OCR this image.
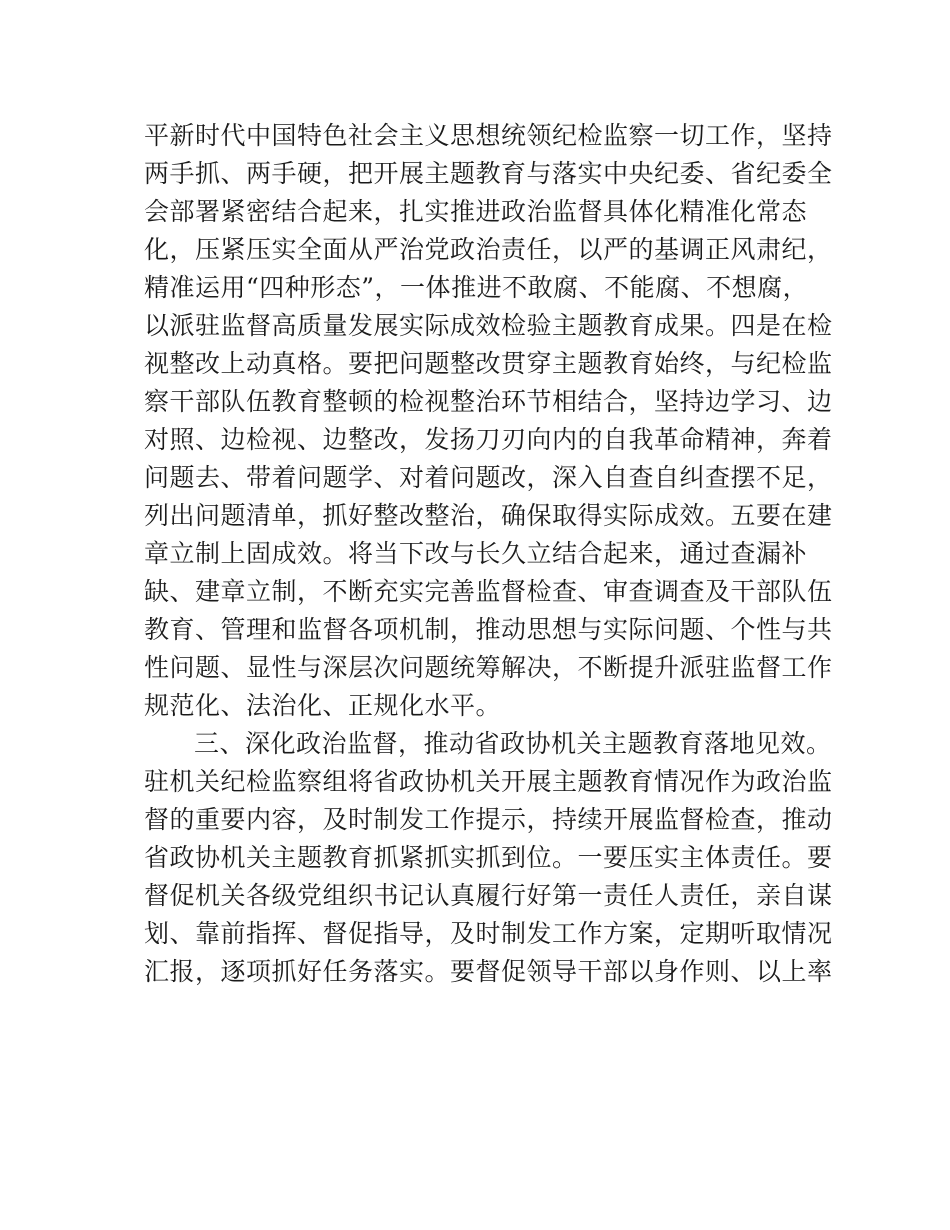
平新时代中国特色社会主义思想统领纪检监察一切工作，坚持
两手抓、两手硬，把开展主题教育与落实中央纪委、省纪委全
会部署紧密结合起来，扎实推进政治监督具体化精准化常态
化，压紧压实全面从严治党政治责任，以严的基调正风肃纪，
精准运用“四种形态”，一体推进不敢腐、不能腐、不想腐，
以派驻监督高质量发展实际成效检验主题教育成果。四是在检
视整改上动真格。要把问题整改贯穿主题教育始终，与纪检监
察干部队伍教育整顿的检视整治环节相结合，坚持边学习、边
对照、边检视、边整改，发扬刀刃向内的自我革命精神，奔着
问题去、带着问题学、对着问题改，深入自查自纠查摆不足，
列出问题清单，抓好整改整治，确保取得实际成效。五要在建
章立制上固成效。将当下改与长久立结合起来，通过查漏补
缺、建章立制，不断充实完善监督检查、审查调查及干部队伍
教育、管理和监督各项机制，推动思想与实际问题、个性与共
性问题、显性与深层次问题统筹解决，不断提升派驻监督工作
规范化、法治化、正规化水平。
三、深化政治监督，推动省政协机关主题教育落地见效。
驻机关纪检监察组将省政协机关开展主题教育情况作为政治监
督的重要内容，及时制发工作提示，持续开展监督检查，推动
省政协机关主题教育抓紧抓实抓到位。一要压实主体责任。要
督促机关各级党组织书记认真履行好第一责任人责任，亲自谋
划、靠前指挥、督促指导，及时制发工作方案，定期听取情况
汇报，逐项抓好任务落实。要督促领导干部以身作则、以上率
